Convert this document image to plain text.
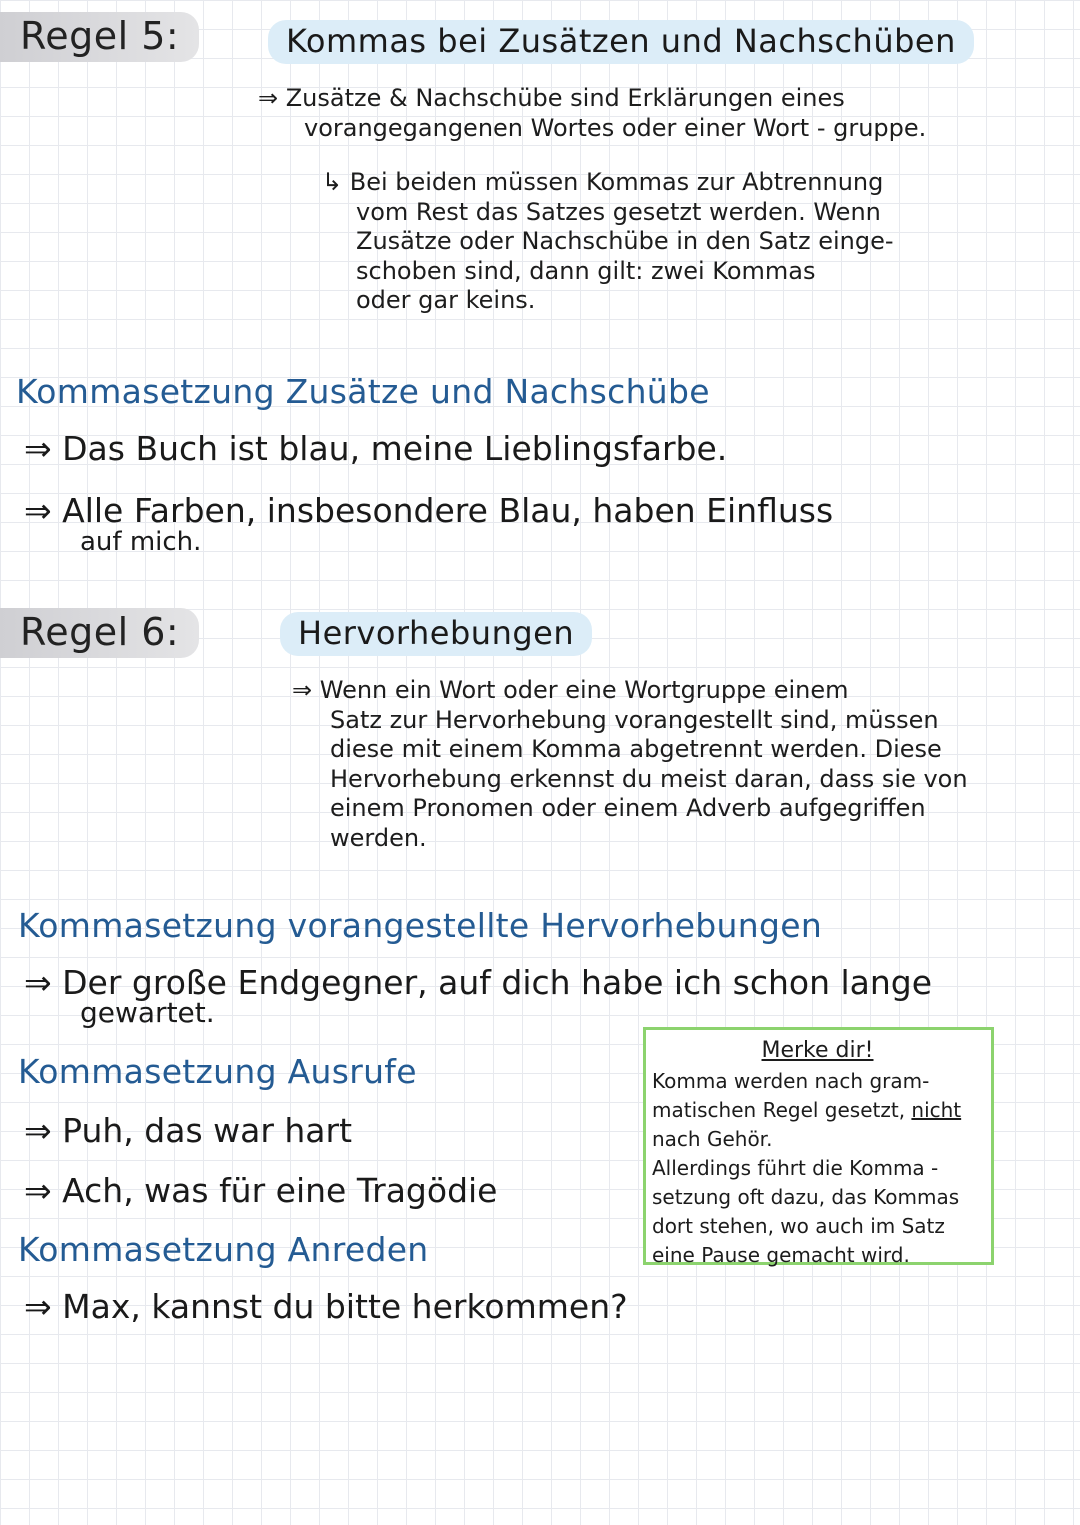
Regel 5:	Kommas bei Zusätzen und Nachschüben
⇒ Zusätze & Nachschübe sind Erklärungen eines
vorangegangenen Wortes oder einer Wort - gruppe.
↳ Bei beiden müssen Kommas zur Abtrennung
vom Rest das Satzes gesetzt werden. Wenn
Zusätze oder Nachschübe in den Satz einge-
schoben sind, dann gilt: zwei Kommas
oder gar keins.
Kommasetzung Zusätze und Nachschübe
⇒ Das Buch ist blau, meine Lieblingsfarbe.
⇒ Alle Farben, insbesondere Blau, haben Einfluss
auf mich.
Regel 6:	Hervorhebungen
⇒ Wenn ein Wort oder eine Wortgruppe einem
Satz zur Hervorhebung vorangestellt sind, müssen
diese mit einem Komma abgetrennt werden. Diese
Hervorhebung erkennst du meist daran, dass sie von
einem Pronomen oder einem Adverb aufgegriffen
werden.
Kommasetzung vorangestellte Hervorhebungen
⇒ Der große Endgegner, auf dich habe ich schon lange
gewartet.
Kommasetzung Ausrufe
⇒ Puh, das war hart
⇒ Ach, was für eine Tragödie
Kommasetzung Anreden
⇒ Max, kannst du bitte herkommen?
Merke dir!
Komma werden nach gram-
matischen Regel gesetzt, nicht
nach Gehör.
Allerdings führt die Komma -
setzung oft dazu, das Kommas
dort stehen, wo auch im Satz
eine Pause gemacht wird.
